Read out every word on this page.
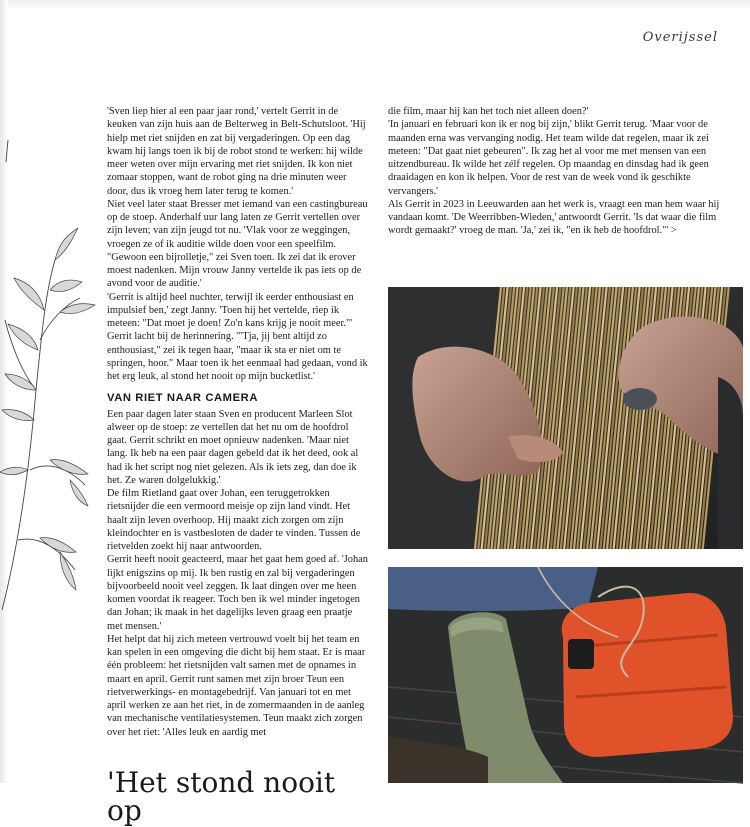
Overijssel

'Sven liep hier al een paar jaar rond,' vertelt Gerrit in de keuken van zijn huis aan de Belterweg in Belt-Schutsloot. 'Hij hielp met riet snijden en zat bij vergaderingen. Op een dag kwam hij langs toen ik bij de robot stond te werken: hij wilde meer weten over mijn ervaring met riet snijden. Ik kon niet zomaar stoppen, want de robot ging na drie minuten weer door, dus ik vroeg hem later terug te komen.'

Niet veel later staat Bresser met iemand van een castingbureau op de stoep. Anderhalf uur lang laten ze Gerrit vertellen over zijn leven; van zijn jeugd tot nu. 'Vlak voor ze weggingen, vroegen ze of ik auditie wilde doen voor een speelfilm. "Gewoon een bijrolletje," zei Sven toen. Ik zei dat ik erover moest nadenken. Mijn vrouw Janny vertelde ik pas iets op de avond voor de auditie.'

'Gerrit is altijd heel nuchter, terwijl ik eerder enthousiast en impulsief ben,' zegt Janny. 'Toen hij het vertelde, riep ik meteen: "Dat moet je doen! Zo'n kans krijg je nooit meer."' Gerrit lacht bij de herinnering. '"Tja, jij bent altijd zo enthousiast," zei ik tegen haar, "maar ik sta er niet om te springen, hoor." Maar toen ik het eenmaal had gedaan, vond ik het erg leuk, al stond het nooit op mijn bucketlist.'

VAN RIET NAAR CAMERA

Een paar dagen later staan Sven en producent Marleen Slot alweer op de stoep: ze vertellen dat het nu om de hoofdrol gaat. Gerrit schrikt en moet opnieuw nadenken. 'Maar niet lang. Ik heb na een paar dagen gebeld dat ik het deed, ook al had ik het script nog niet gelezen. Als ik iets zeg, dan doe ik het. Ze waren dolgelukkig.'

De film Rietland gaat over Johan, een teruggetrokken rietsnijder die een vermoord meisje op zijn land vindt. Het haalt zijn leven overhoop. Hij maakt zich zorgen om zijn kleindochter en is vastbesloten de dader te vinden. Tussen de rietvelden zoekt hij naar antwoorden.

Gerrit heeft nooit geacteerd, maar het gaat hem goed af. 'Johan lijkt enigszins op mij. Ik ben rustig en zal bij vergaderingen bijvoorbeeld nooit veel zeggen. Ik laat dingen over me heen komen voordat ik reageer. Toch ben ik wel minder ingetogen dan Johan; ik maak in het dagelijks leven graag een praatje met mensen.'

Het helpt dat hij zich meteen vertrouwd voelt bij het team en kan spelen in een omgeving die dicht bij hem staat. Er is maar één probleem: het rietsnijden valt samen met de opnames in maart en april. Gerrit runt samen met zijn broer Teun een rietverwerkings- en montagebedrijf. Van januari tot en met april werken ze aan het riet, in de zomermaanden in de aanleg van mechanische ventilatiesystemen. Teun maakt zich zorgen over het riet: 'Alles leuk en aardig met

'Het stond nooit op

die film, maar hij kan het toch niet alleen doen?'

'In januari en februari kon ik er nog bij zijn,' blikt Gerrit terug. 'Maar voor de maanden erna was vervanging nodig. Het team wilde dat regelen, maar ik zei meteen: "Dat gaat niet gebeuren". Ik zag het al voor me met mensen van een uitzendbureau. Ik wilde het zélf regelen. Op maandag en dinsdag had ik geen draaidagen en kon ik helpen. Voor de rest van de week vond ik geschikte vervangers.'

Als Gerrit in 2023 in Leeuwarden aan het werk is, vraagt een man hem waar hij vandaan komt. 'De Weerribben-Wieden,' antwoordt Gerrit. 'Is dat waar die film wordt gemaakt?' vroeg de man. 'Ja,' zei ik, "en ik heb de hoofdrol."' >
